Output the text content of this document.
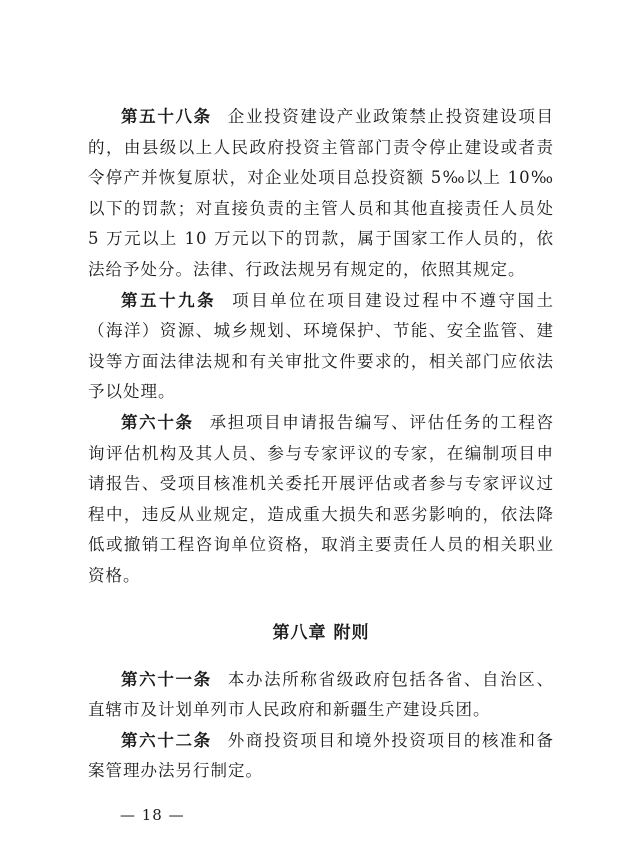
第五十八条 企业投资建设产业政策禁止投资建设项目的，由县级以上人民政府投资主管部门责令停止建设或者责令停产并恢复原状，对企业处项目总投资额 5‰以上 10‰以下的罚款；对直接负责的主管人员和其他直接责任人员处 5 万元以上 10 万元以下的罚款，属于国家工作人员的，依法给予处分。法律、行政法规另有规定的，依照其规定。

第五十九条 项目单位在项目建设过程中不遵守国土（海洋）资源、城乡规划、环境保护、节能、安全监管、建设等方面法律法规和有关审批文件要求的，相关部门应依法予以处理。

第六十条 承担项目申请报告编写、评估任务的工程咨询评估机构及其人员、参与专家评议的专家，在编制项目申请报告、受项目核准机关委托开展评估或者参与专家评议过程中，违反从业规定，造成重大损失和恶劣影响的，依法降低或撤销工程咨询单位资格，取消主要责任人员的相关职业资格。

第八章 附则

第六十一条 本办法所称省级政府包括各省、自治区、直辖市及计划单列市人民政府和新疆生产建设兵团。

第六十二条 外商投资项目和境外投资项目的核准和备案管理办法另行制定。

— 18 —
